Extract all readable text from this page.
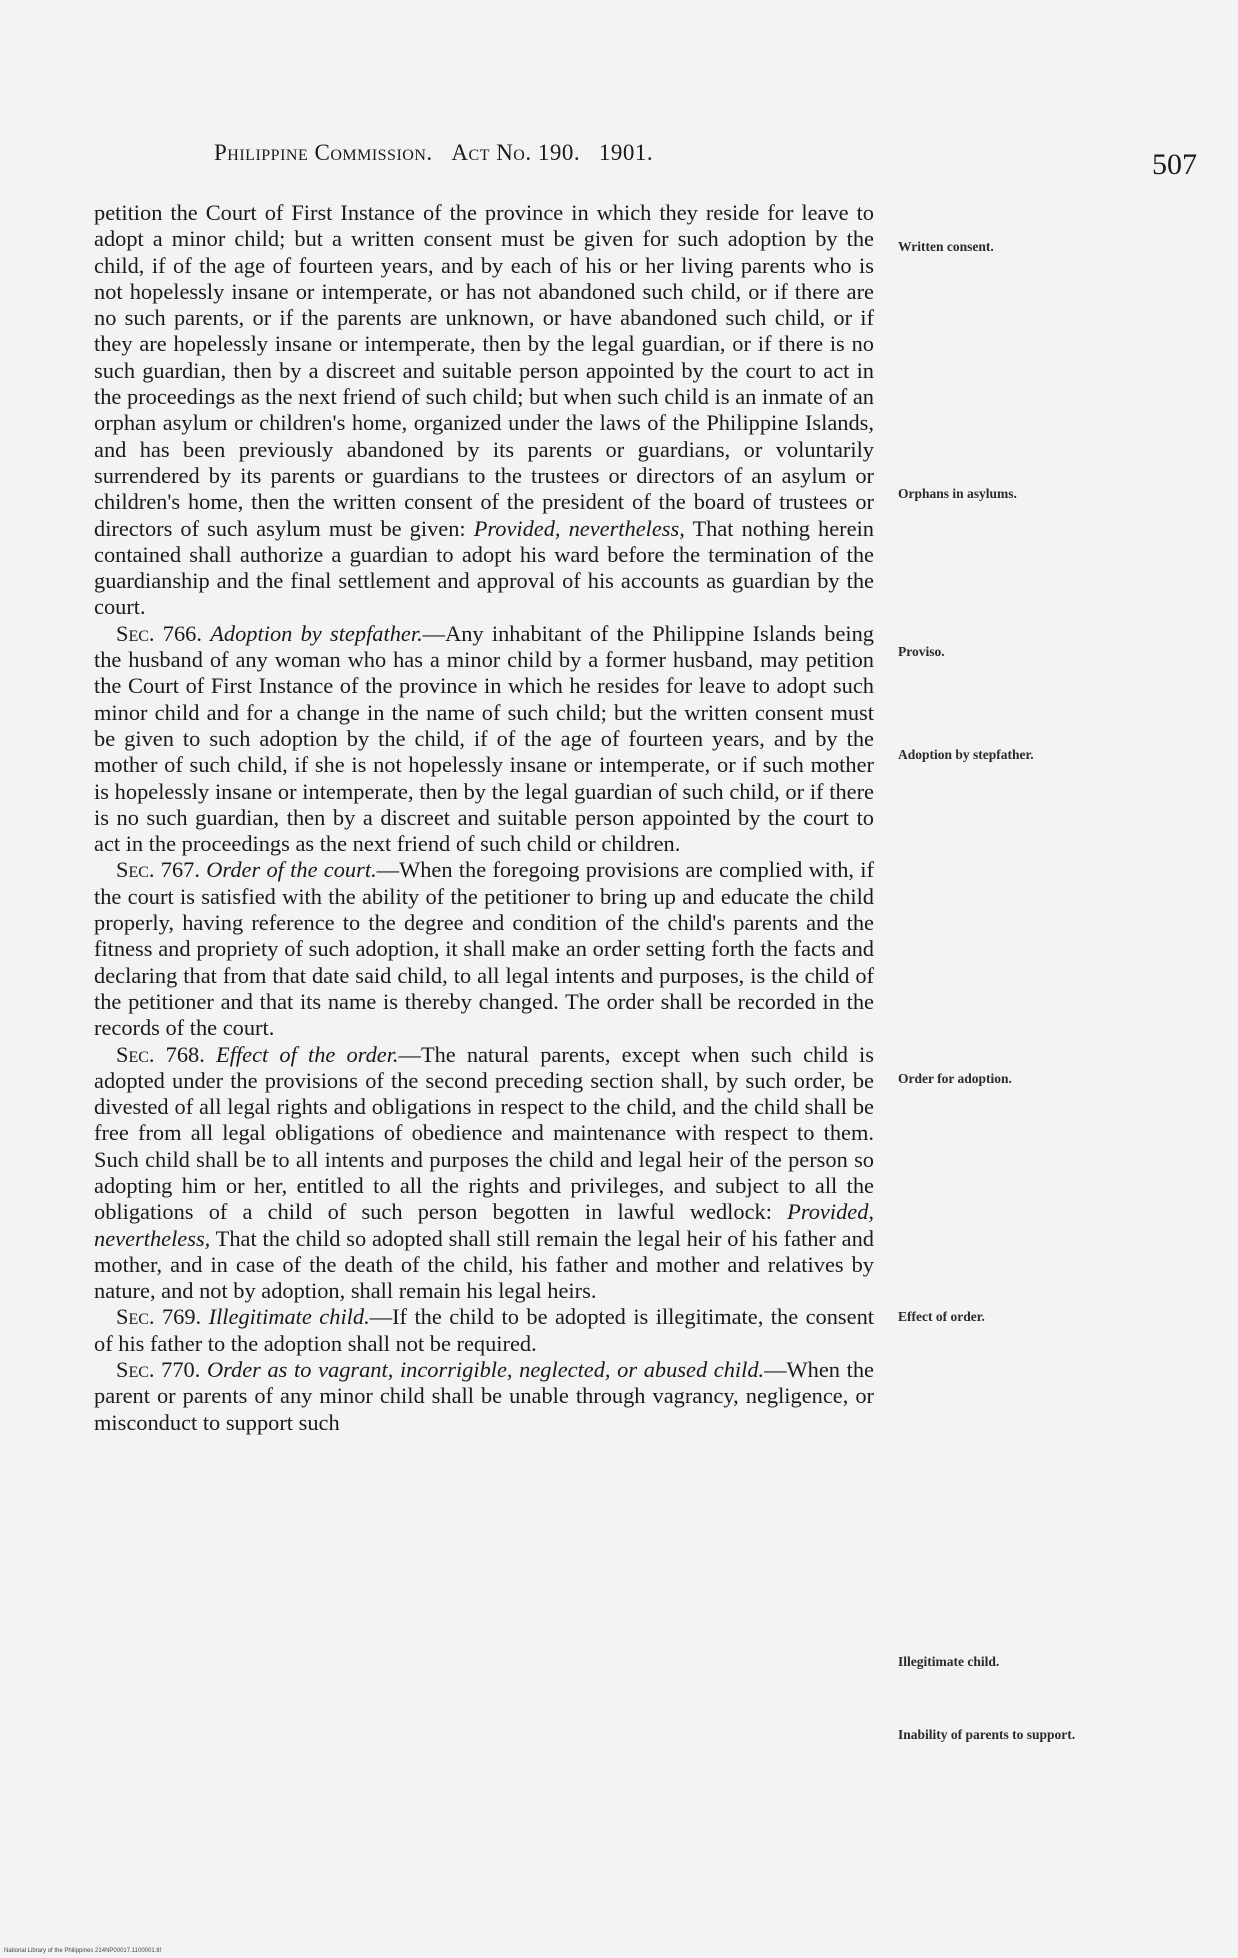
Philippine Commission. Act No. 190. 1901.	507

petition the Court of First Instance of the province in which they reside for leave to adopt a minor child; but a written consent must be given for such adoption by the child, if of the age of fourteen years, and by each of his or her living parents who is not hopelessly insane or intemperate, or has not abandoned such child, or if there are no such parents, or if the parents are unknown, or have abandoned such child, or if they are hopelessly insane or intemperate, then by the legal guardian, or if there is no such guardian, then by a discreet and suitable person appointed by the court to act in the proceedings as the next friend of such child; but when such child is an inmate of an orphan asylum or children's home, organized under the laws of the Philippine Islands, and has been previously abandoned by its parents or guardians, or voluntarily surrendered by its parents or guardians to the trustees or directors of an asylum or children's home, then the written consent of the president of the board of trustees or directors of such asylum must be given: Provided, nevertheless, That nothing herein contained shall authorize a guardian to adopt his ward before the termination of the guardianship and the final settlement and approval of his accounts as guardian by the court.

Sec. 766. Adoption by stepfather.—Any inhabitant of the Philippine Islands being the husband of any woman who has a minor child by a former husband, may petition the Court of First Instance of the province in which he resides for leave to adopt such minor child and for a change in the name of such child; but the written consent must be given to such adoption by the child, if of the age of fourteen years, and by the mother of such child, if she is not hopelessly insane or intemperate, or if such mother is hopelessly insane or intemperate, then by the legal guardian of such child, or if there is no such guardian, then by a discreet and suitable person appointed by the court to act in the proceedings as the next friend of such child or children.

Sec. 767. Order of the court.—When the foregoing provisions are complied with, if the court is satisfied with the ability of the petitioner to bring up and educate the child properly, having reference to the degree and condition of the child's parents and the fitness and propriety of such adoption, it shall make an order setting forth the facts and declaring that from that date said child, to all legal intents and purposes, is the child of the petitioner and that its name is thereby changed. The order shall be recorded in the records of the court.

Sec. 768. Effect of the order.—The natural parents, except when such child is adopted under the provisions of the second preceding section shall, by such order, be divested of all legal rights and obligations in respect to the child, and the child shall be free from all legal obligations of obedience and maintenance with respect to them. Such child shall be to all intents and purposes the child and legal heir of the person so adopting him or her, entitled to all the rights and privileges, and subject to all the obligations of a child of such person begotten in lawful wedlock: Provided, nevertheless, That the child so adopted shall still remain the legal heir of his father and mother, and in case of the death of the child, his father and mother and relatives by nature, and not by adoption, shall remain his legal heirs.

Sec. 769. Illegitimate child.—If the child to be adopted is illegitimate, the consent of his father to the adoption shall not be required.

Sec. 770. Order as to vagrant, incorrigible, neglected, or abused child.—When the parent or parents of any minor child shall be unable through vagrancy, negligence, or misconduct to support such

Written consent.
Orphans in asylums.
Proviso.
Adoption by stepfather.
Order for adoption.
Effect of order.
Illegitimate child.
Inability of parents to support.
National Library of the Philippines 214NP00017.1100001.tif
